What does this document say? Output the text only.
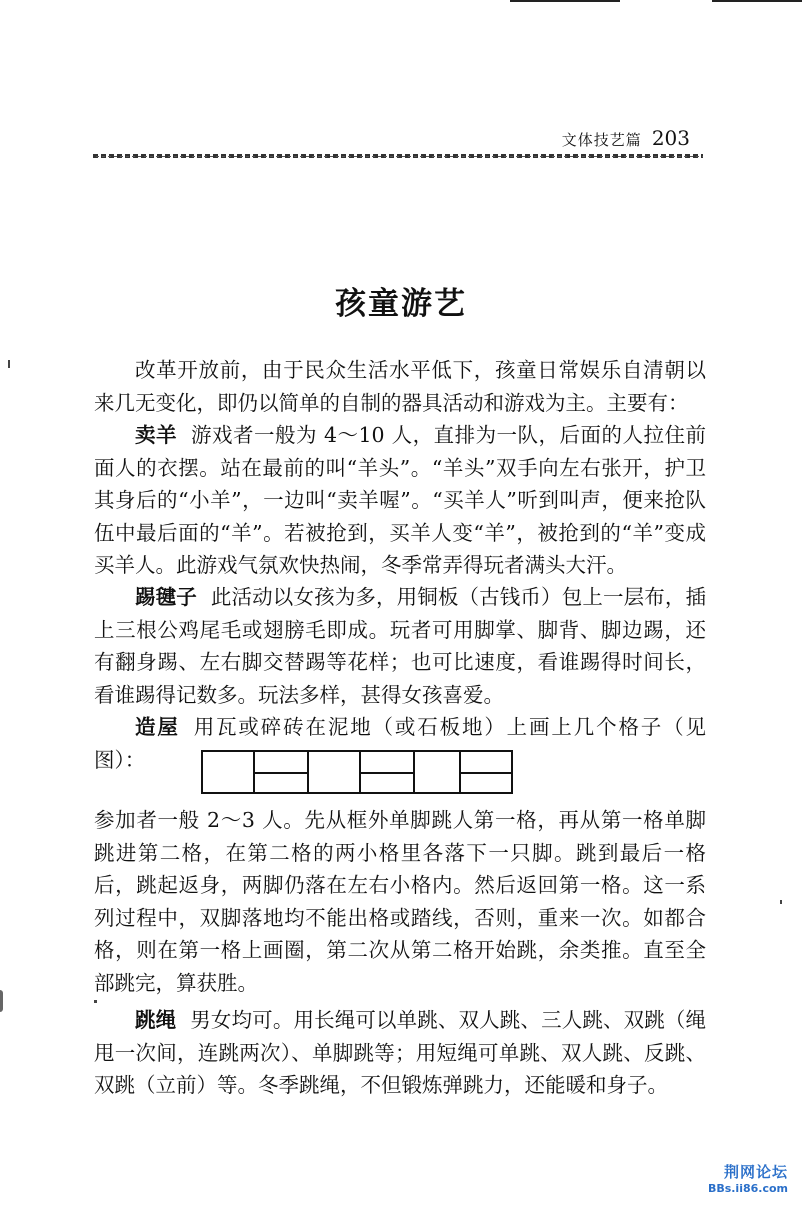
文体技艺篇 203
孩童游艺

改革开放前，由于民众生活水平低下，孩童日常娱乐自清朝以来几无变化，即仍以简单的自制的器具活动和游戏为主。主要有：

卖羊 游戏者一般为 4～10 人，直排为一队，后面的人拉住前面人的衣摆。站在最前的叫“羊头”。“羊头”双手向左右张开，护卫其身后的“小羊”，一边叫“卖羊喔”。“买羊人”听到叫声，便来抢队伍中最后面的“羊”。若被抢到，买羊人变“羊”，被抢到的“羊”变成买羊人。此游戏气氛欢快热闹，冬季常弄得玩者满头大汗。

踢毽子 此活动以女孩为多，用铜板（古钱币）包上一层布，插上三根公鸡尾毛或翅膀毛即成。玩者可用脚掌、脚背、脚边踢，还有翻身踢、左右脚交替踢等花样；也可比速度，看谁踢得时间长，看谁踢得记数多。玩法多样，甚得女孩喜爱。

造屋 用瓦或碎砖在泥地（或石板地）上画上几个格子（见图）：

参加者一般 2～3 人。先从框外单脚跳人第一格，再从第一格单脚跳进第二格，在第二格的两小格里各落下一只脚。跳到最后一格后，跳起返身，两脚仍落在左右小格内。然后返回第一格。这一系列过程中，双脚落地均不能出格或踏线，否则，重来一次。如都合格，则在第一格上画圈，第二次从第二格开始跳，余类推。直至全部跳完，算获胜。

跳绳 男女均可。用长绳可以单跳、双人跳、三人跳、双跳（绳甩一次间，连跳两次）、单脚跳等；用短绳可单跳、双人跳、反跳、双跳（立前）等。冬季跳绳，不但锻炼弹跳力，还能暖和身子。

荆网论坛
BBs.ii86.com
